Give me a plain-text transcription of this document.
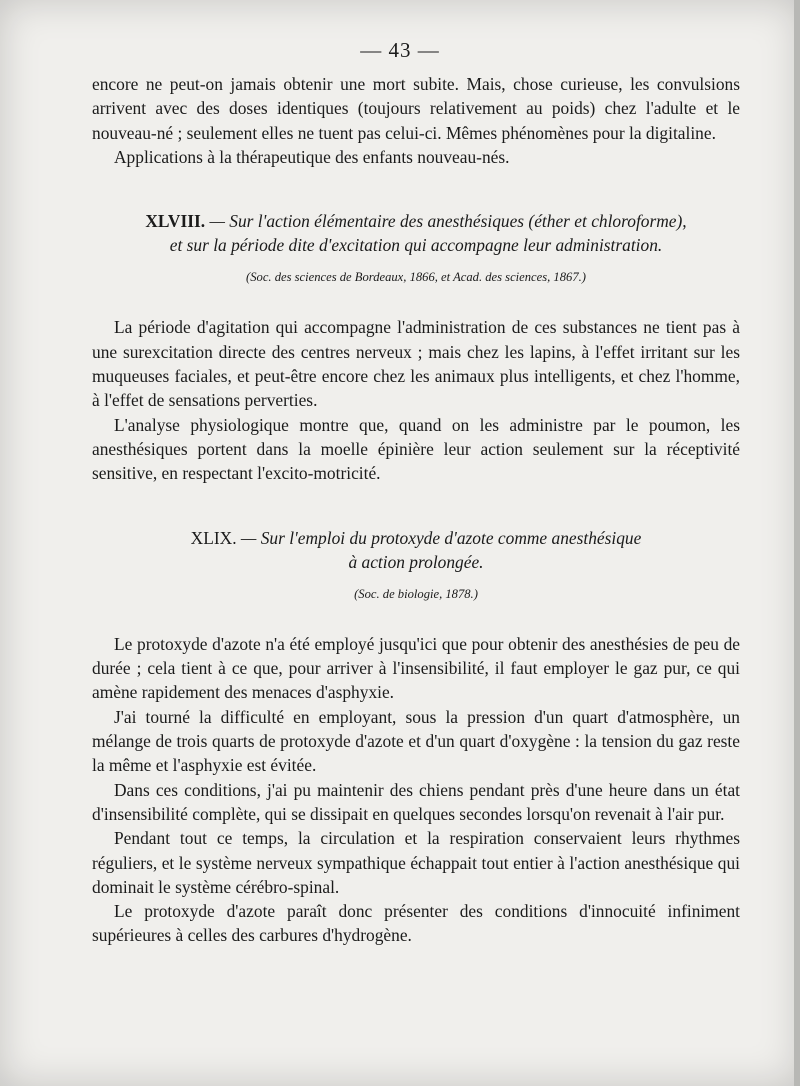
— 43 —

encore ne peut-on jamais obtenir une mort subite. Mais, chose curieuse, les convulsions arrivent avec des doses identiques (toujours relativement au poids) chez l'adulte et le nouveau-né ; seulement elles ne tuent pas celui-ci. Mêmes phénomènes pour la digitaline.

Applications à la thérapeutique des enfants nouveau-nés.

XLVIII. — Sur l'action élémentaire des anesthésiques (éther et chloroforme),
et sur la période dite d'excitation qui accompagne leur administration.
(Soc. des sciences de Bordeaux, 1866, et Acad. des sciences, 1867.)

La période d'agitation qui accompagne l'administration de ces substances ne tient pas à une surexcitation directe des centres nerveux ; mais chez les lapins, à l'effet irritant sur les muqueuses faciales, et peut-être encore chez les animaux plus intelligents, et chez l'homme, à l'effet de sensations perverties.

L'analyse physiologique montre que, quand on les administre par le poumon, les anesthésiques portent dans la moelle épinière leur action seulement sur la réceptivité sensitive, en respectant l'excito-motricité.

XLIX. — Sur l'emploi du protoxyde d'azote comme anesthésique
à action prolongée.
(Soc. de biologie, 1878.)

Le protoxyde d'azote n'a été employé jusqu'ici que pour obtenir des anesthésies de peu de durée ; cela tient à ce que, pour arriver à l'insensibilité, il faut employer le gaz pur, ce qui amène rapidement des menaces d'asphyxie.

J'ai tourné la difficulté en employant, sous la pression d'un quart d'atmosphère, un mélange de trois quarts de protoxyde d'azote et d'un quart d'oxygène : la tension du gaz reste la même et l'asphyxie est évitée.

Dans ces conditions, j'ai pu maintenir des chiens pendant près d'une heure dans un état d'insensibilité complète, qui se dissipait en quelques secondes lorsqu'on revenait à l'air pur.

Pendant tout ce temps, la circulation et la respiration conservaient leurs rhythmes réguliers, et le système nerveux sympathique échappait tout entier à l'action anesthésique qui dominait le système cérébro-spinal.

Le protoxyde d'azote paraît donc présenter des conditions d'innocuité infiniment supérieures à celles des carbures d'hydrogène.
